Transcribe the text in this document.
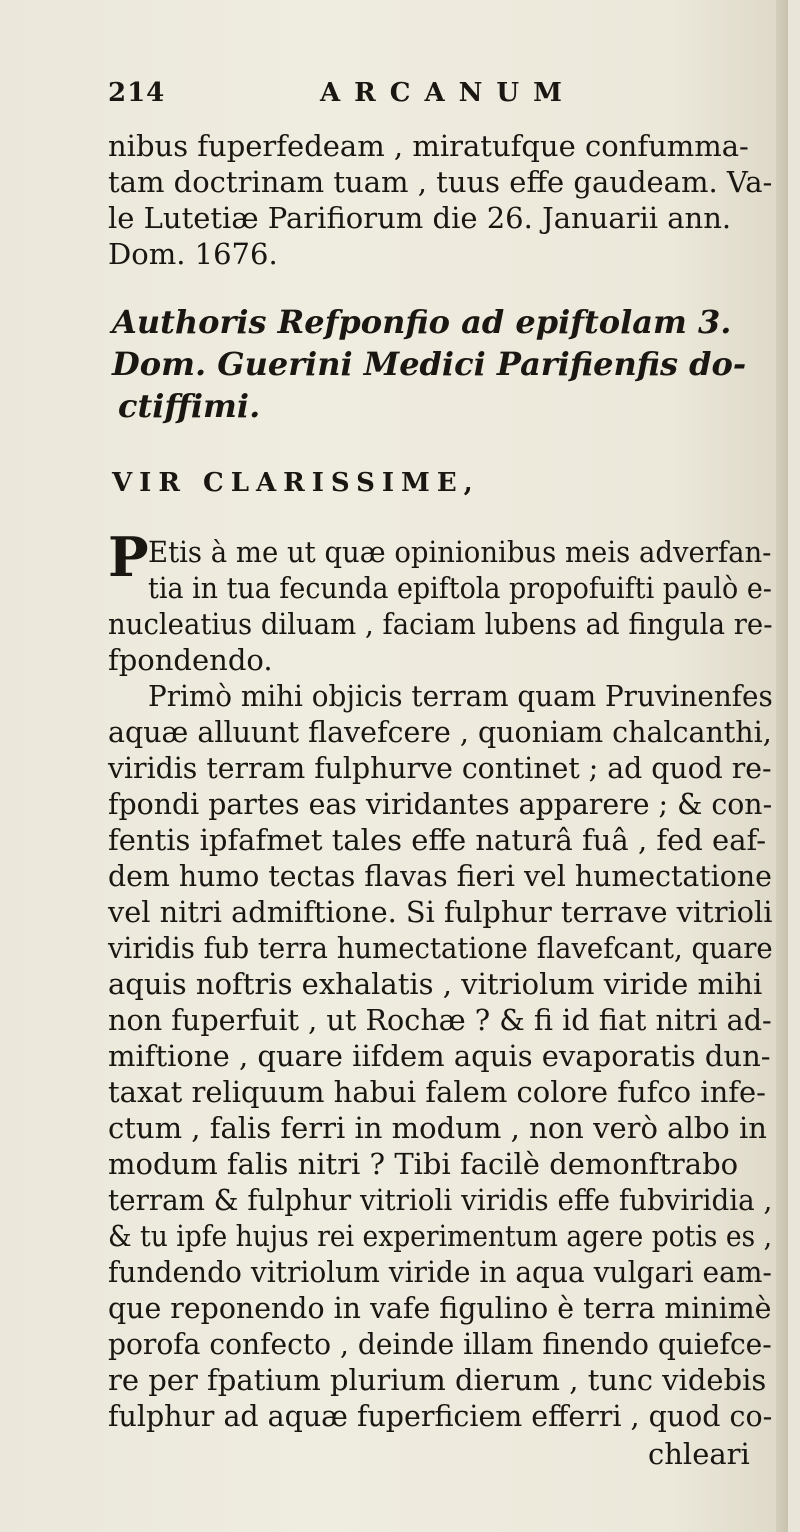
214	ARCANUM
nibus fuperfedeam , miratufque confumma-
tam doctrinam tuam , tuus effe gaudeam. Va-
le Lutetiæ Parifiorum die 26. Januarii ann.
Dom. 1676.
Authoris Refponfio ad epiftolam 3.
Dom. Guerini Medici Parifienfis do-
ctiffimi.
VIR CLARISSIME,
P Etis à me ut quæ opinionibus meis adverfan-
tia in tua fecunda epiftola propofuifti paulò e-
nucleatius diluam , faciam lubens ad fingula re-
fpondendo.
Primò mihi objicis terram quam Pruvinenfes
aquæ alluunt flavefcere , quoniam chalcanthi,
viridis terram fulphurve continet ; ad quod re-
fpondi partes eas viridantes apparere ; & con-
fentis ipfafmet tales effe naturâ fuâ , fed eaf-
dem humo tectas flavas fieri vel humectatione
vel nitri admiftione. Si fulphur terrave vitrioli
viridis fub terra humectatione flavefcant, quare
aquis noftris exhalatis , vitriolum viride mihi
non fuperfuit , ut Rochæ ? & fi id fiat nitri ad-
miftione , quare iifdem aquis evaporatis dun-
taxat reliquum habui falem colore fufco infe-
ctum , falis ferri in modum , non verò albo in
modum falis nitri ? Tibi facilè demonftrabo
terram & fulphur vitrioli viridis effe fubviridia ,
& tu ipfe hujus rei experimentum agere potis es ,
fundendo vitriolum viride in aqua vulgari eam-
que reponendo in vafe figulino è terra minimè
porofa confecto , deinde illam finendo quiefce-
re per fpatium plurium dierum , tunc videbis
fulphur ad aquæ fuperficiem efferri , quod co-
chleari
